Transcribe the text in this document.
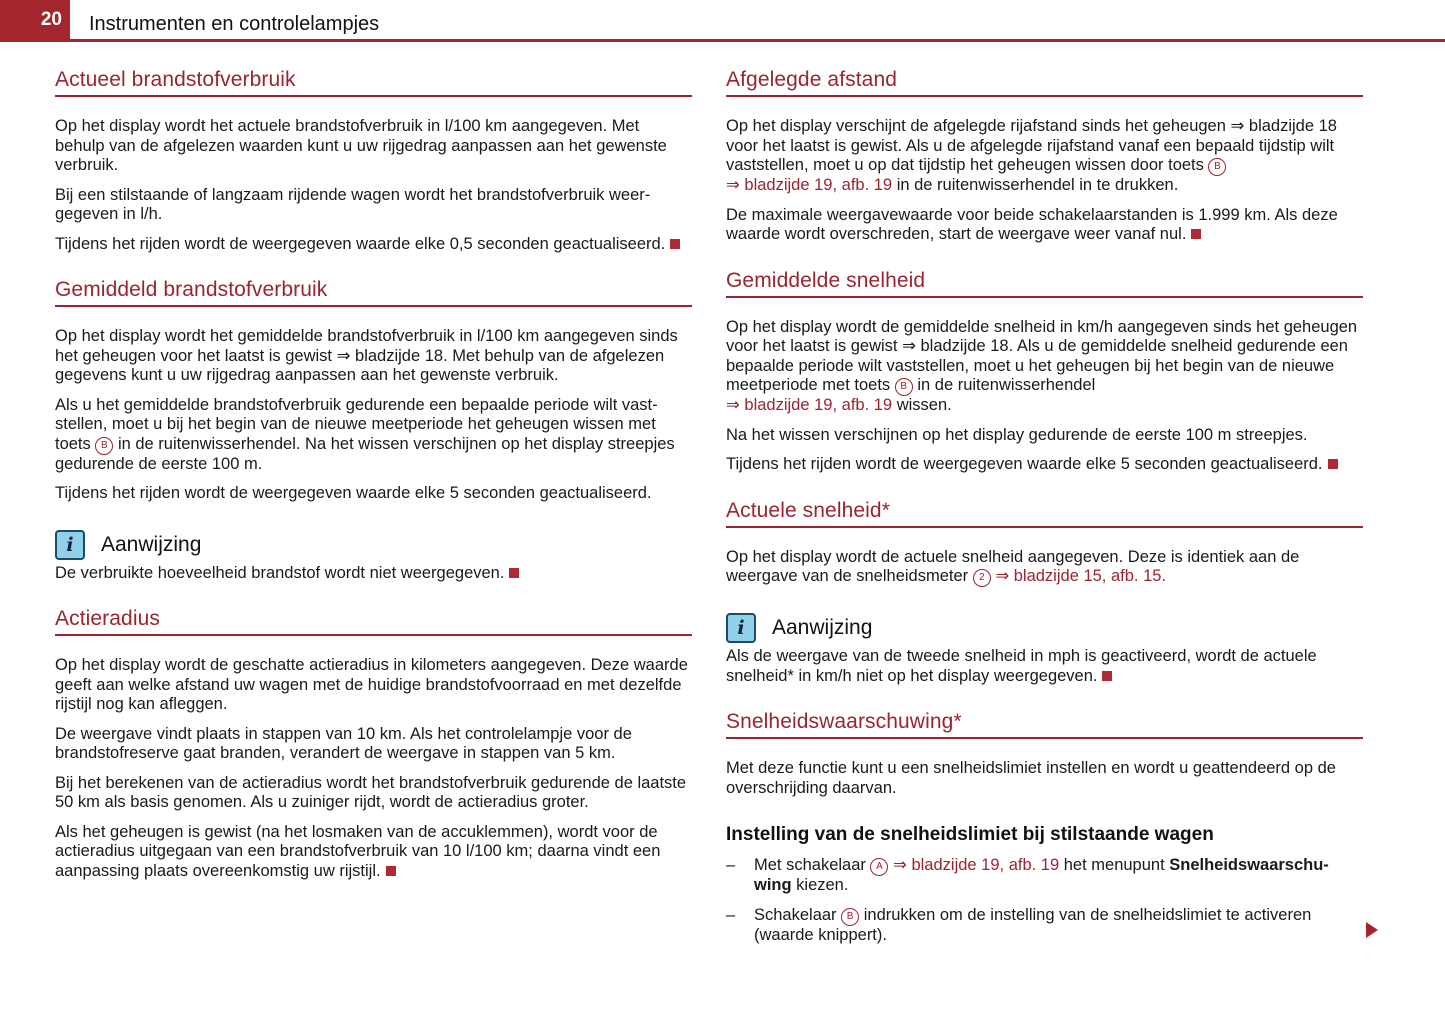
20 Instrumenten en controlelampjes
Actueel brandstofverbruik

Op het display wordt het actuele brandstofverbruik in l/100 km aangegeven. Met behulp van de afgelezen waarden kunt u uw rijgedrag aanpassen aan het gewenste verbruik.

Bij een stilstaande of langzaam rijdende wagen wordt het brandstofverbruik weer-gegeven in l/h.

Tijdens het rijden wordt de weergegeven waarde elke 0,5 seconden geactualiseerd.

Gemiddeld brandstofverbruik

Op het display wordt het gemiddelde brandstofverbruik in l/100 km aangegeven sinds het geheugen voor het laatst is gewist ⇒ bladzijde 18. Met behulp van de afgelezen gegevens kunt u uw rijgedrag aanpassen aan het gewenste verbruik.

Als u het gemiddelde brandstofverbruik gedurende een bepaalde periode wilt vast-stellen, moet u bij het begin van de nieuwe meetperiode het geheugen wissen met toets B in de ruitenwisserhendel. Na het wissen verschijnen op het display streepjes gedurende de eerste 100 m.

Tijdens het rijden wordt de weergegeven waarde elke 5 seconden geactualiseerd.

i	Aanwijzing

De verbruikte hoeveelheid brandstof wordt niet weergegeven.

Actieradius

Op het display wordt de geschatte actieradius in kilometers aangegeven. Deze waarde geeft aan welke afstand uw wagen met de huidige brandstofvoorraad en met dezelfde rijstijl nog kan afleggen.

De weergave vindt plaats in stappen van 10 km. Als het controlelampje voor de brandstofreserve gaat branden, verandert de weergave in stappen van 5 km.

Bij het berekenen van de actieradius wordt het brandstofverbruik gedurende de laatste 50 km als basis genomen. Als u zuiniger rijdt, wordt de actieradius groter.

Als het geheugen is gewist (na het losmaken van de accuklemmen), wordt voor de actieradius uitgegaan van een brandstofverbruik van 10 l/100 km; daarna vindt een aanpassing plaats overeenkomstig uw rijstijl.

Afgelegde afstand

Op het display verschijnt de afgelegde rijafstand sinds het geheugen ⇒ bladzijde 18 voor het laatst is gewist. Als u de afgelegde rijafstand vanaf een bepaald tijdstip wilt vaststellen, moet u op dat tijdstip het geheugen wissen door toets B
⇒ bladzijde 19, afb. 19 in de ruitenwisserhendel in te drukken.

De maximale weergavewaarde voor beide schakelaarstanden is 1.999 km. Als deze waarde wordt overschreden, start de weergave weer vanaf nul.

Gemiddelde snelheid

Op het display wordt de gemiddelde snelheid in km/h aangegeven sinds het geheugen voor het laatst is gewist ⇒ bladzijde 18. Als u de gemiddelde snelheid gedurende een bepaalde periode wilt vaststellen, moet u het geheugen bij het begin van de nieuwe meetperiode met toets B in de ruitenwisserhendel
⇒ bladzijde 19, afb. 19 wissen.

Na het wissen verschijnen op het display gedurende de eerste 100 m streepjes.

Tijdens het rijden wordt de weergegeven waarde elke 5 seconden geactualiseerd.

Actuele snelheid*

Op het display wordt de actuele snelheid aangegeven. Deze is identiek aan de weergave van de snelheidsmeter 2 ⇒ bladzijde 15, afb. 15.

i	Aanwijzing

Als de weergave van de tweede snelheid in mph is geactiveerd, wordt de actuele snelheid* in km/h niet op het display weergegeven.

Snelheidswaarschuwing*

Met deze functie kunt u een snelheidslimiet instellen en wordt u geattendeerd op de overschrijding daarvan.

Instelling van de snelheidslimiet bij stilstaande wagen
– Met schakelaar A ⇒ bladzijde 19, afb. 19 het menupunt Snelheidswaarschu-wing kiezen.
– Schakelaar B indrukken om de instelling van de snelheidslimiet te activeren (waarde knippert).
